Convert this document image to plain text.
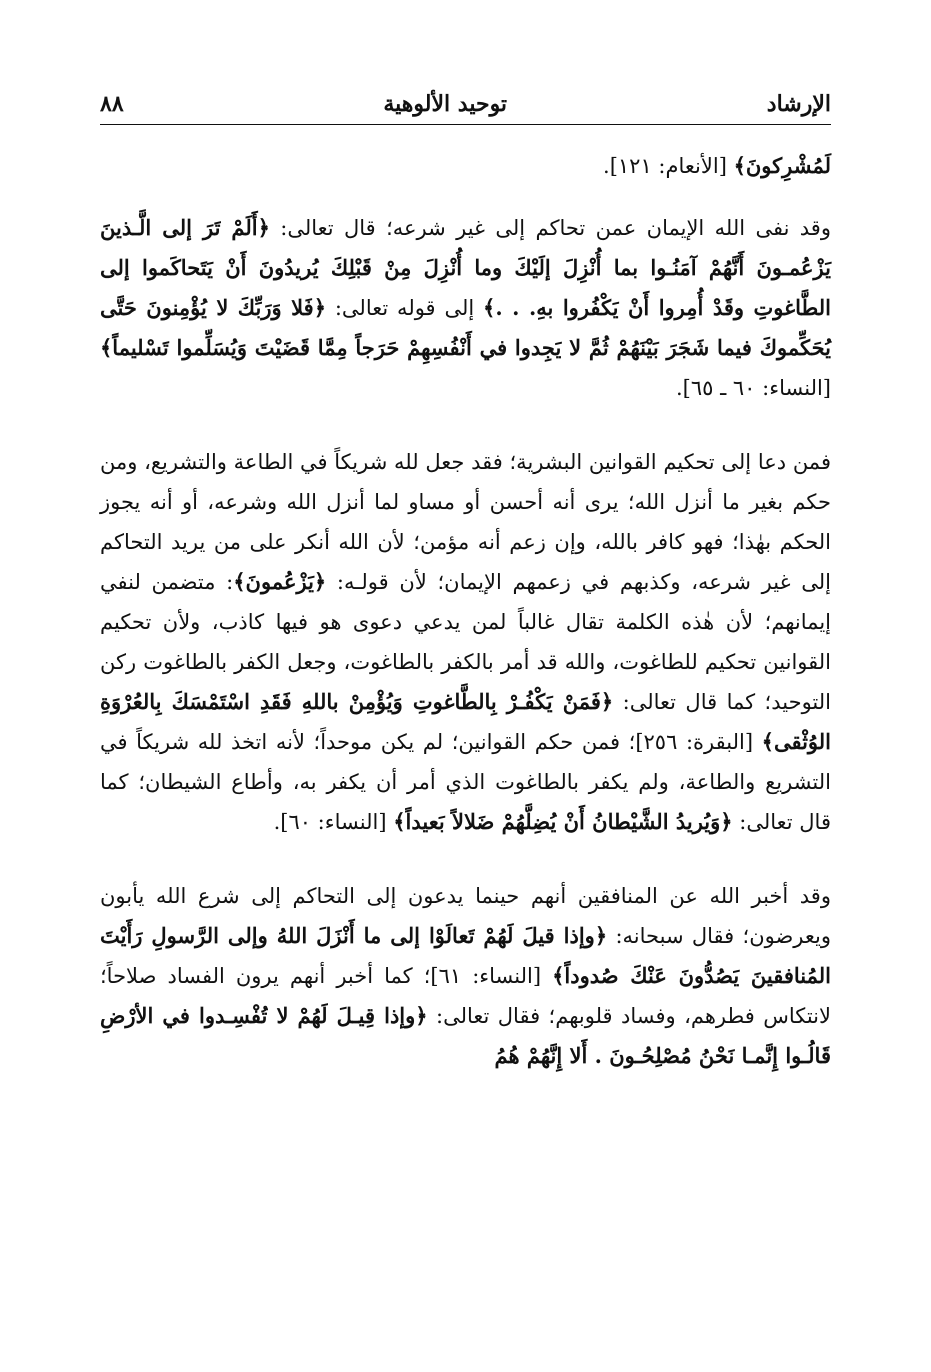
الإرشاد
توحيد الألوهية
٨٨

لَمُشْرِكونَ﴾ [الأنعام: ١٢١].

وقد نفى الله الإيمان عمن تحاكم إلى غير شرعه؛ قال تعالى: ﴿أَلَمْ تَرَ إلى الَّـذينَ يَزْعُمـونَ أَنَّهُمْ آمَنُـوا بما أُنْزِلَ إلَيْكَ وما أُنْزِلَ مِنْ قَبْلِكَ يُريدُونَ أَنْ يَتَحاكَموا إلى الطَّاغوتِ وقَدْ أُمِروا أَنْ يَكْفُروا بهِ. . .﴾ إلى قوله تعالى: ﴿فَلا وَرَبِّكَ لا يُؤْمِنونَ حَتَّى يُحَكِّموكَ فيما شَجَرَ بَيْنَهُمْ ثُمَّ لا يَجِدوا في أَنْفُسِهِمْ حَرَجاً مِمَّا قَضَيْتَ وَيُسَلِّموا تَسْليماً﴾ [النساء: ٦٠ ـ ٦٥].

فمن دعا إلى تحكيم القوانين البشرية؛ فقد جعل لله شريكاً في الطاعة والتشريع، ومن حكم بغير ما أنزل الله؛ يرى أنه أحسن أو مساو لما أنزل الله وشرعه، أو أنه يجوز الحكم بهٰذا؛ فهو كافر بالله، وإن زعم أنه مؤمن؛ لأن الله أنكر على من يريد التحاكم إلى غير شرعه، وكذبهم في زعمهم الإيمان؛ لأن قولـه: ﴿يَزْعُمونَ﴾: متضمن لنفي إيمانهم؛ لأن هٰذه الكلمة تقال غالباً لمن يدعي دعوى هو فيها كاذب، ولأن تحكيم القوانين تحكيم للطاغوت، والله قد أمر بالكفر بالطاغوت، وجعل الكفر بالطاغوت ركن التوحيد؛ كما قال تعالى: ﴿فَمَنْ يَكْفُـرْ بِالطَّاغوتِ وَيُؤْمِنْ باللهِ فَقَدِ اسْتَمْسَكَ بِالعُرْوَةِ الوُثْقى﴾ [البقرة: ٢٥٦]؛ فمن حكم القوانين؛ لم يكن موحداً؛ لأنه اتخذ لله شريكاً في التشريع والطاعة، ولم يكفر بالطاغوت الذي أمر أن يكفر به، وأطاع الشيطان؛ كما قال تعالى: ﴿وَيُريدُ الشَّيْطانُ أَنْ يُضِلَّهُمْ ضَلالاً بَعيداً﴾ [النساء: ٦٠].

وقد أخبر الله عن المنافقين أنهم حينما يدعون إلى التحاكم إلى شرع الله يأبون ويعرضون؛ فقال سبحانه: ﴿وإذا قيلَ لَهُمْ تَعالَوْا إلى ما أَنْزَلَ اللهُ وإلى الرَّسولِ رَأَيْتَ المُنافقينَ يَصُدُّونَ عَنْكَ صُدوداً﴾ [النساء: ٦١]؛ كما أخبر أنهم يرون الفساد صلاحاً؛ لانتكاس فطرهم، وفساد قلوبهم؛ فقال تعالى: ﴿وإذا قِيـلَ لَهُمْ لا تُفْسِـدوا في الأرْضِ قَالُـوا إِنَّمـا نَحْنُ مُصْلِحُـونَ . أَلا إِنَّهُمْ هُمُ
